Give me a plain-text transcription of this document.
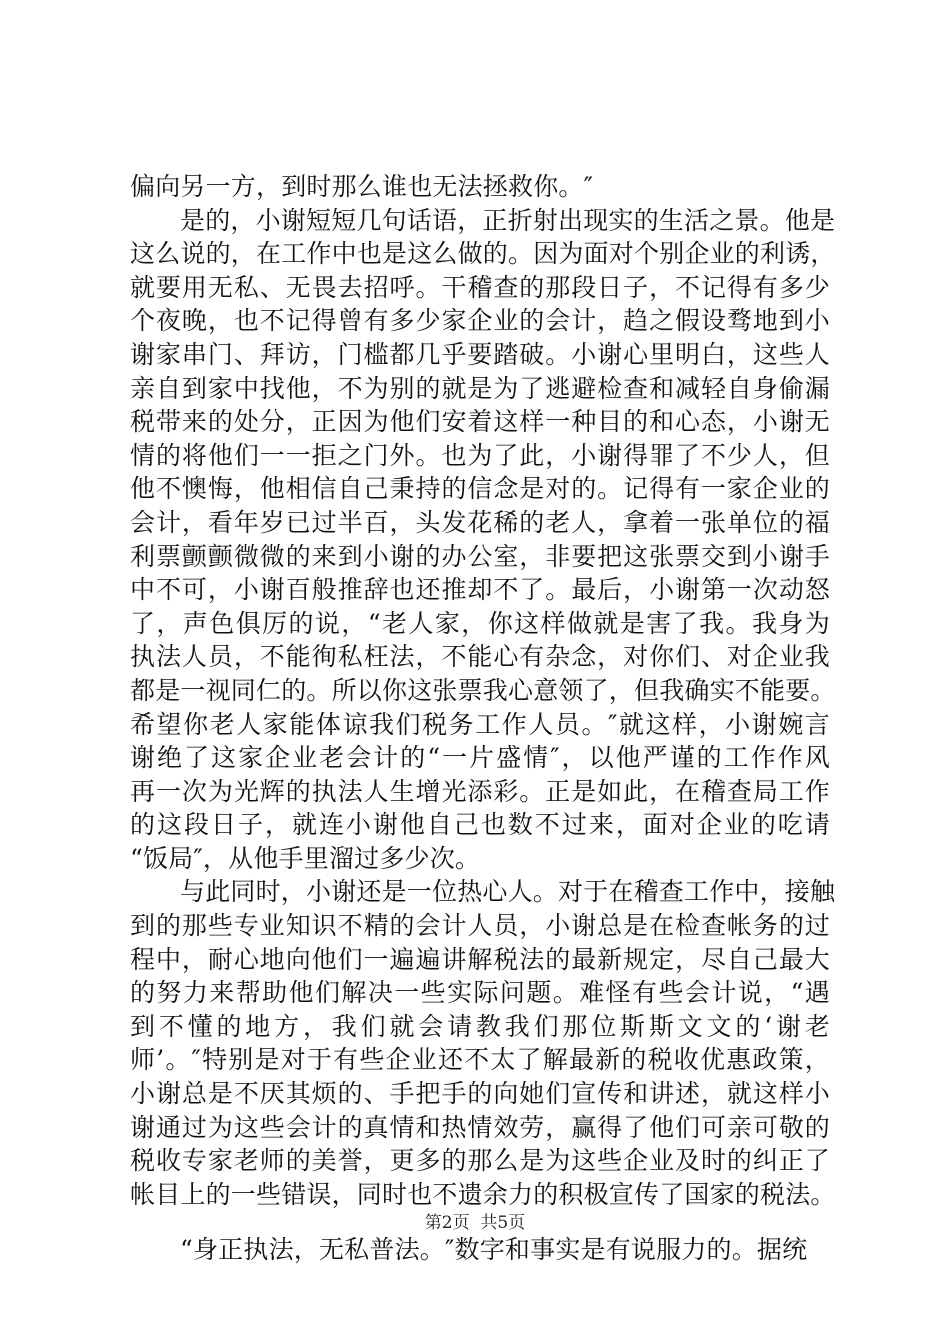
偏向另一方，到时那么谁也无法拯救你。″
是的，小谢短短几句话语，正折射出现实的生活之景。他是
这么说的，在工作中也是这么做的。因为面对个别企业的利诱，
就要用无私、无畏去招呼。干稽查的那段日子，不记得有多少
个夜晚，也不记得曾有多少家企业的会计，趋之假设骛地到小
谢家串门、拜访，门槛都几乎要踏破。小谢心里明白，这些人
亲自到家中找他，不为别的就是为了逃避检查和减轻自身偷漏
税带来的处分，正因为他们安着这样一种目的和心态，小谢无
情的将他们一一拒之门外。也为了此，小谢得罪了不少人，但
他不懊悔，他相信自己秉持的信念是对的。记得有一家企业的
会计，看年岁已过半百，头发花稀的老人，拿着一张单位的福
利票颤颤微微的来到小谢的办公室，非要把这张票交到小谢手
中不可，小谢百般推辞也还推却不了。最后，小谢第一次动怒
了，声色俱厉的说，“老人家，你这样做就是害了我。我身为
执法人员，不能徇私枉法，不能心有杂念，对你们、对企业我
都是一视同仁的。所以你这张票我心意领了，但我确实不能要。
希望你老人家能体谅我们税务工作人员。″就这样，小谢婉言
谢绝了这家企业老会计的“一片盛情″，以他严谨的工作作风
再一次为光辉的执法人生增光添彩。正是如此，在稽查局工作
的这段日子，就连小谢他自己也数不过来，面对企业的吃请
“饭局″，从他手里溜过多少次。
与此同时，小谢还是一位热心人。对于在稽查工作中，接触
到的那些专业知识不精的会计人员，小谢总是在检查帐务的过
程中，耐心地向他们一遍遍讲解税法的最新规定，尽自己最大
的努力来帮助他们解决一些实际问题。难怪有些会计说，“遇
到不懂的地方，我们就会请教我们那位斯斯文文的‘谢老
师’。″特别是对于有些企业还不太了解最新的税收优惠政策，
小谢总是不厌其烦的、手把手的向她们宣传和讲述，就这样小
谢通过为这些会计的真情和热情效劳，赢得了他们可亲可敬的
税收专家老师的美誉，更多的那么是为这些企业及时的纠正了
帐目上的一些错误，同时也不遗余力的积极宣传了国家的税法。
“身正执法，无私普法。″数字和事实是有说服力的。据统
第2页  共5页
